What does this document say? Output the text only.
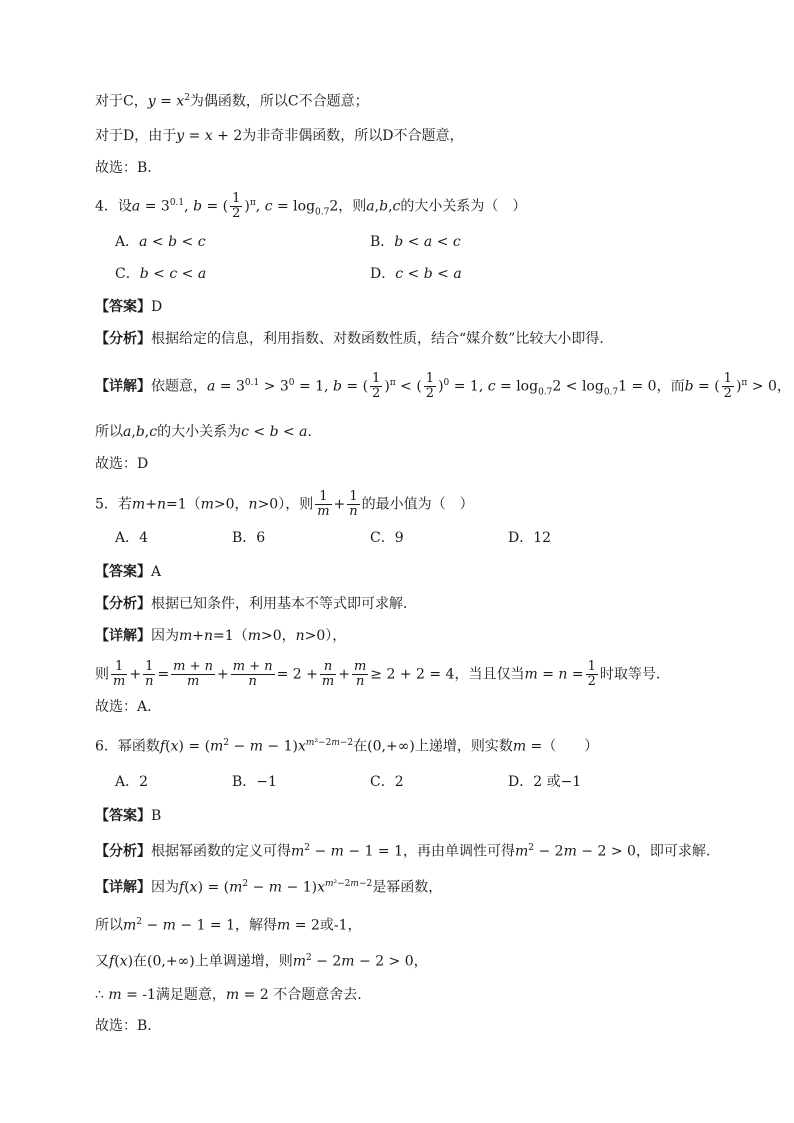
对于C，$y = x^2$为偶函数，所以C不合题意；
对于D，由于y = x + 2为非奇非偶函数，所以D不合题意，
故选：B.
4．设$a = 3^{0.1}$, b = ( $\frac{1}{2} )^\pi$, $c = \log_{0.7}2$，则a,b,c的大小关系为（　）
A．a < b < c	B．b < a < c
C．b < c < a	D．c < b < a
【答案】D
【分析】根据给定的信息，利用指数、对数函数性质，结合“媒介数”比较大小即得.
【详解】依题意，$a = 3^{0.1} > 3^0 = 1$, b = ( $\frac{1}{2} )^\pi$ < ( $\frac{1}{2} )^0 = 1$, $c = \log_{0.7}2 < \log_{0.7}1 = 0$，而b = ( $\frac{1}{2} )^\pi > 0$，
所以a,b,c的大小关系为c < b < a.
故选：D
5．若m+n=1（m>0，n>0），则 $\frac{1}{m} + \frac{1}{n}$ 的最小值为（　）
A．4	B．6	C．9	D．12
【答案】A
【分析】根据已知条件，利用基本不等式即可求解．
【详解】因为m+n=1（m>0，n>0），
则 $\frac{1}{m} + \frac{1}{n} = \frac{m + n}{m} + \frac{m + n}{n} = 2 + \frac{n}{m} + \frac{m}{n} \ge 2 + 2 = 4$，当且仅当$m = n = \frac{1}{2}$ 时取等号．
故选：A．
6．幂函数$f(x) = (m^2 - m - 1)x^{m^2-2m-2}$在(0,+∞)上递增，则实数m =（　　）
A．2	B．−1	C．2	D．2 或−1
【答案】B
【分析】根据幂函数的定义可得$m^2 - m - 1 = 1$，再由单调性可得$m^2 - 2m - 2 > 0$，即可求解.
【详解】因为$f(x) = (m^2 - m - 1)x^{m^2-2m-2}$是幂函数，
所以$m^2 - m - 1 = 1$，解得m = 2或-1，
又f(x)在(0,+∞)上单调递增，则$m^2 - 2m - 2 > 0$，
∴ m = -1满足题意，m = 2 不合题意舍去.
故选：B.
